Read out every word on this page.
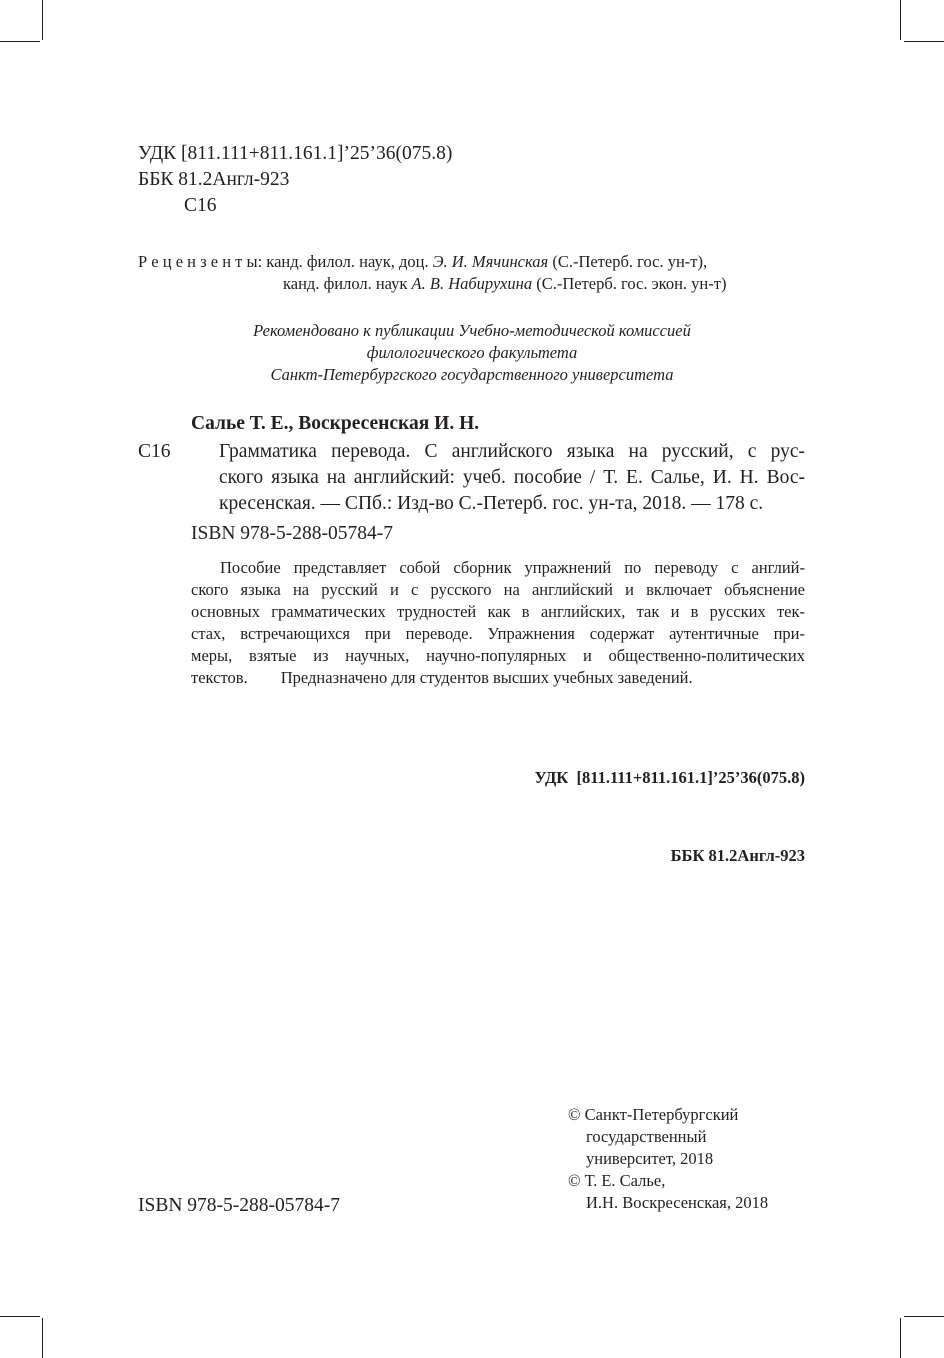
УДК [811.111+811.161.1]’25’36(075.8)
ББК 81.2Англ-923
С16
Р е ц е н з е н т ы: канд. филол. наук, доц. Э. И. Мячинская (С.-Петерб. гос. ун-т),
канд. филол. наук А. В. Набирухина (С.-Петерб. гос. экон. ун-т)
Рекомендовано к публикации Учебно-методической комиссией
филологического факультета
Санкт-Петербургского государственного университета
Салье Т. Е., Воскресенская И. Н.
С16 Грамматика перевода. С английского языка на русский, с рус-
ского языка на английский: учеб. пособие / Т. Е. Салье, И. Н. Вос-
кресенская. — СПб.: Изд-во С.-Петерб. гос. ун-та, 2018. — 178 с.
ISBN 978-5-288-05784-7
Пособие представляет собой сборник упражнений по переводу с англий-
ского языка на русский и с русского на английский и включает объяснение
основных грамматических трудностей как в английских, так и в русских тек-
стах, встречающихся при переводе. Упражнения содержат аутентичные при-
меры, взятые из научных, научно-популярных и общественно-политических
текстов. Предназначено для студентов высших учебных заведений.

УДК  [811.111+811.161.1]’25’36(075.8)

ББК 81.2Англ-923

© Санкт-Петербургский
государственный
университет, 2018
© Т. Е. Салье,
И.Н. Воскресенская, 2018
ISBN 978-5-288-05784-7
